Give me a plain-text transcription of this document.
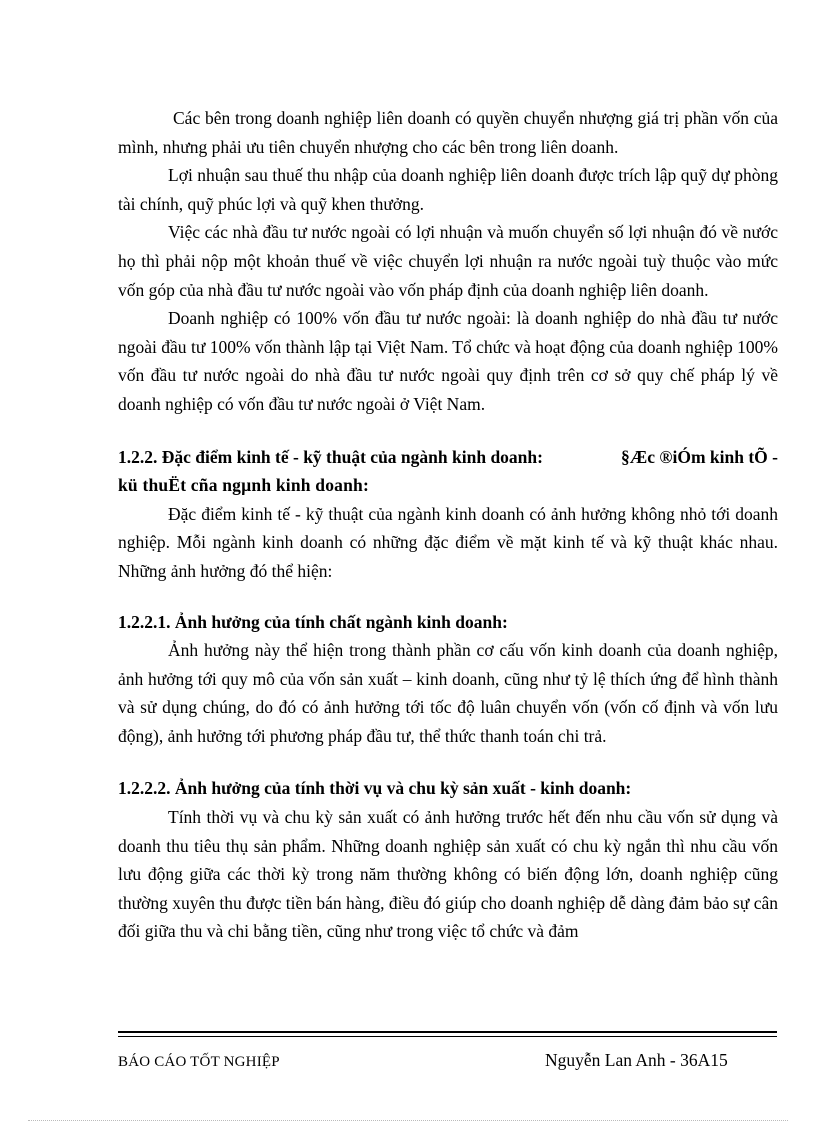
Các bên trong doanh nghiệp liên doanh có quyền chuyển nhượng giá trị phần vốn của mình, nhưng phải ưu tiên chuyển nhượng cho các bên trong liên doanh.

Lợi nhuận sau thuế thu nhập của doanh nghiệp liên doanh được trích lập quỹ dự phòng tài chính, quỹ phúc lợi và quỹ khen thưởng.

Việc các nhà đầu tư nước ngoài có lợi nhuận và muốn chuyển số lợi nhuận đó về nước họ thì phải nộp một khoản thuế về việc chuyển lợi nhuận ra nước ngoài tuỳ thuộc vào mức vốn góp của nhà đầu tư nước ngoài vào vốn pháp định của doanh nghiệp liên doanh.

Doanh nghiệp có 100% vốn đầu tư nước ngoài: là doanh nghiệp do nhà đầu tư nước ngoài đầu tư 100% vốn thành lập tại Việt Nam. Tổ chức và hoạt động của doanh nghiệp 100% vốn đầu tư nước ngoài do nhà đầu tư nước ngoài quy định trên cơ sở quy chế pháp lý về doanh nghiệp có vốn đầu tư nước ngoài ở Việt Nam.

1.2.2. Đặc điểm kinh tế - kỹ thuật của ngành kinh doanh:	§Æc ®iÓm kinh tÕ -

kü thuËt cña ngµnh kinh doanh:

Đặc điểm kinh tế - kỹ thuật của ngành kinh doanh có ảnh hưởng không nhỏ tới doanh nghiệp. Mỗi ngành kinh doanh có những đặc điểm về mặt kinh tế và kỹ thuật khác nhau. Những ảnh hưởng đó thể hiện:

1.2.2.1. Ảnh hưởng của tính chất ngành kinh doanh:

Ảnh hưởng này thể hiện trong thành phần cơ cấu vốn kinh doanh của doanh nghiệp, ảnh hưởng tới quy mô của vốn sản xuất – kinh doanh, cũng như tỷ lệ thích ứng để hình thành và sử dụng chúng, do đó có ảnh hưởng tới tốc độ luân chuyển vốn (vốn cố định và vốn lưu động), ảnh hưởng tới phương pháp đầu tư, thể thức thanh toán chi trả.

1.2.2.2. Ảnh hưởng của tính thời vụ và chu kỳ sản xuất - kinh doanh:

Tính thời vụ và chu kỳ sản xuất có ảnh hưởng trước hết đến nhu cầu vốn sử dụng và doanh thu tiêu thụ sản phẩm. Những doanh nghiệp sản xuất có chu kỳ ngắn thì nhu cầu vốn lưu động giữa các thời kỳ trong năm thường không có biến động lớn, doanh nghiệp cũng thường xuyên thu được tiền bán hàng, điều đó giúp cho doanh nghiệp dễ dàng đảm bảo sự cân đối giữa thu và chi bằng tiền, cũng như trong việc tổ chức và đảm

BÁO CÁO TỐT NGHIỆP	Nguyễn Lan Anh - 36A15
